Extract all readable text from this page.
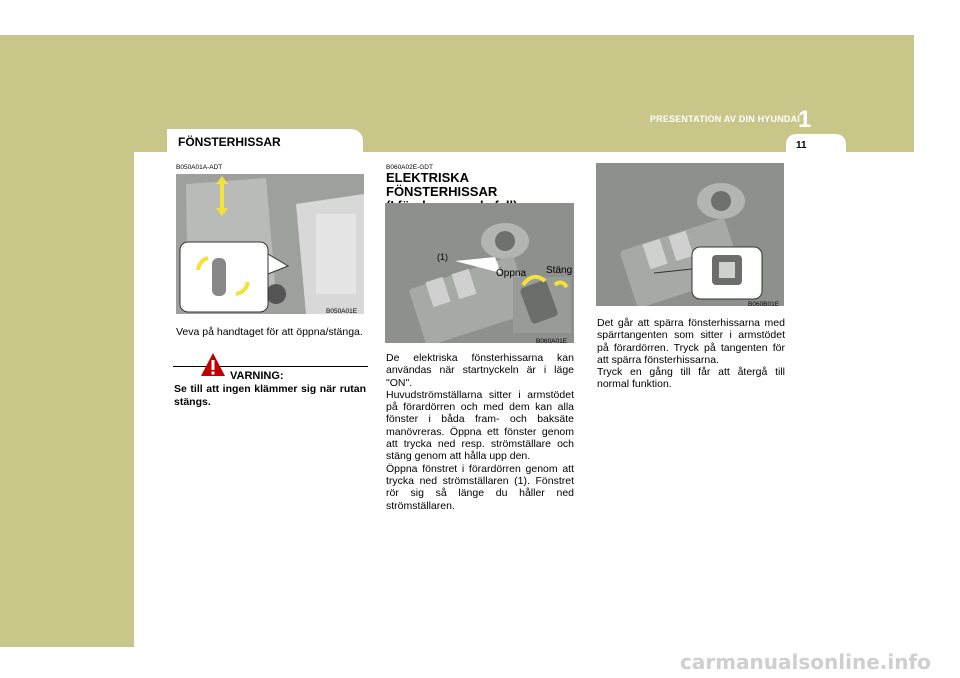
PRESENTATION AV DIN HYUNDAI
1
11
FÖNSTERHISSAR
B050A01A-ADT
B050A01E
Veva på handtaget för att öppna/stänga.
VARNING:
Se till att ingen klämmer sig när rutan stängs.
B060A02E-GDT
ELEKTRISKA FÖNSTERHISSAR
(1)
Öppna Stäng
B060A01E
De elektriska fönsterhissarna kan användas när startnyckeln är i läge "ON".
Huvudströmställarna sitter i armstödet på förardörren och med dem kan alla fönster i båda fram- och baksäte manövreras. Öppna ett fönster genom att trycka ned resp. strömställare och stäng genom att hålla upp den.
Öppna fönstret i förardörren genom att trycka ned strömställaren (1). Fönstret rör sig så länge du håller ned strömställaren.
B060B01E
Det går att spärra fönsterhissarna med spärrtangenten som sitter i armstödet på förardörren. Tryck på tangenten för att spärra fönsterhissarna.
Tryck en gång till får att återgå till normal funktion.
carmanualsonline.info
